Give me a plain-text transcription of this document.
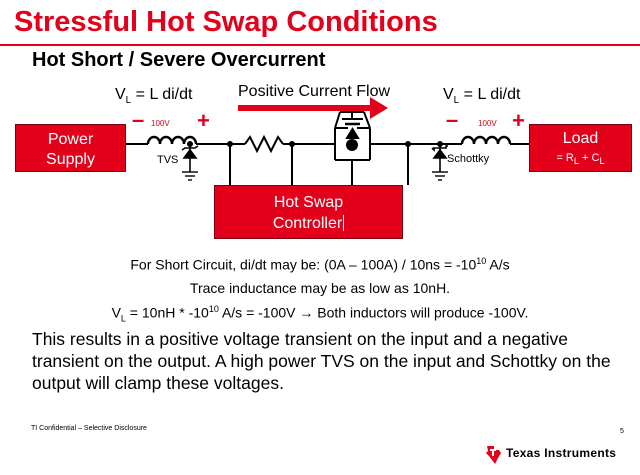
Stressful Hot Swap Conditions
Hot Short / Severe Overcurrent
$V_L = L$ di/dt	$V_L = L$ di/dt
Positive Current Flow
– 100V +	– 100V +
Power
Supply
Load
= $R_L + C_L$
Hot Swap
Controller
TVS	Schottky
For Short Circuit, di/dt may be: $(0A - 100A) / 10ns = -10^{10}$ A/s
Trace inductance may be as low as 10nH.
$V_L = 10nH * -10^{10}$ A/s = -100V → Both inductors will produce -100V.
This results in a positive voltage transient on the input and a negative transient on the output. A high power TVS on the input and Schottky on the output will clamp these voltages.
TI Confidential – Selective Disclosure	5
Texas Instruments
